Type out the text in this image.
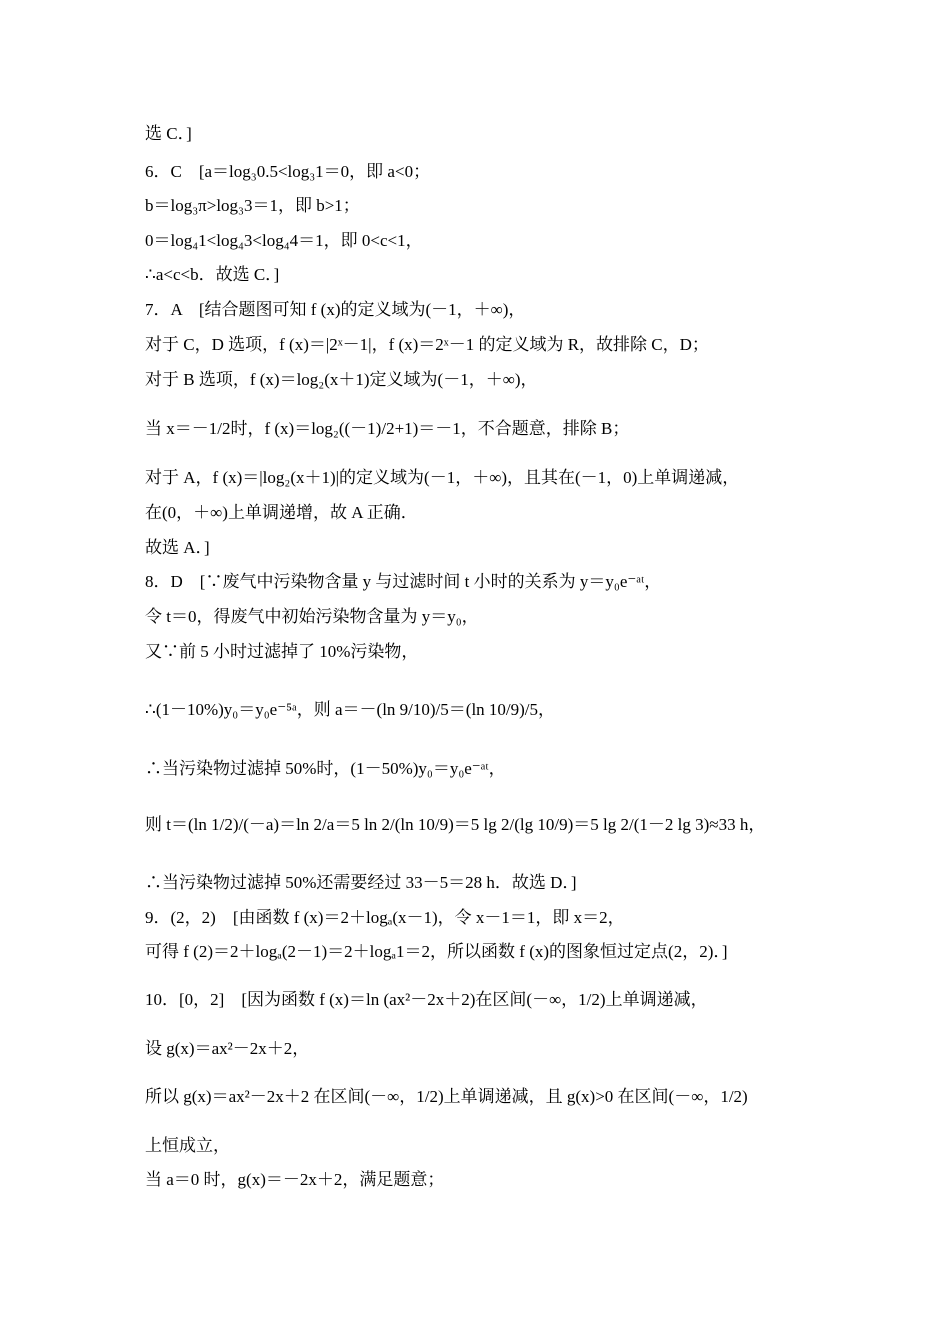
选 C．]
6．C　[a＝log₃0.5<log₃1＝0，即 a<0；
b＝log₃π>log₃3＝1，即 b>1；
0＝log₄1<log₄3<log₄4＝1，即 0<c<1，
∴a<c<b．故选 C．]
7．A　[结合题图可知 f (x)的定义域为(－1，＋∞)，
对于 C，D 选项，f (x)＝|2ˣ－1|，f (x)＝2ˣ－1 的定义域为 R，故排除 C，D；
对于 B 选项，f (x)＝log₂(x＋1)定义域为(－1，＋∞)，
当 x＝－1/2时，f (x)＝log₂((－1)/2+1)＝－1，不合题意，排除 B；
对于 A，f (x)＝|log₂(x＋1)|的定义域为(－1，＋∞)，且其在(－1，0)上单调递减，
在(0，＋∞)上单调递增，故 A 正确．
故选 A．]
8．D　[∵废气中污染物含量 y 与过滤时间 t 小时的关系为 y＝y₀e⁻ᵃᵗ，
令 t＝0，得废气中初始污染物含量为 y＝y₀，
又∵前 5 小时过滤掉了 10%污染物，
∴(1－10%)y₀＝y₀e⁻⁵ᵃ，则 a＝－(ln 9/10)/5＝(ln 10/9)/5，
∴当污染物过滤掉 50%时，(1－50%)y₀＝y₀e⁻ᵃᵗ，
则 t＝(ln 1/2)/(－a)＝ln 2/a＝5 ln 2/(ln 10/9)＝5 lg 2/(lg 10/9)＝5 lg 2/(1－2 lg 3)≈33 h，
∴当污染物过滤掉 50%还需要经过 33－5＝28 h．故选 D．]
9．(2，2)　[由函数 f (x)＝2＋logₐ(x－1)，令 x－1＝1，即 x＝2，
可得 f (2)＝2＋logₐ(2－1)＝2＋logₐ1＝2，所以函数 f (x)的图象恒过定点(2，2)．]
10．[0，2]　[因为函数 f (x)＝ln (ax²－2x＋2)在区间(－∞，1/2)上单调递减，
设 g(x)＝ax²－2x＋2，
所以 g(x)＝ax²－2x＋2 在区间(－∞，1/2)上单调递减，且 g(x)>0 在区间(－∞，1/2)
上恒成立，
当 a＝0 时，g(x)＝－2x＋2，满足题意；
